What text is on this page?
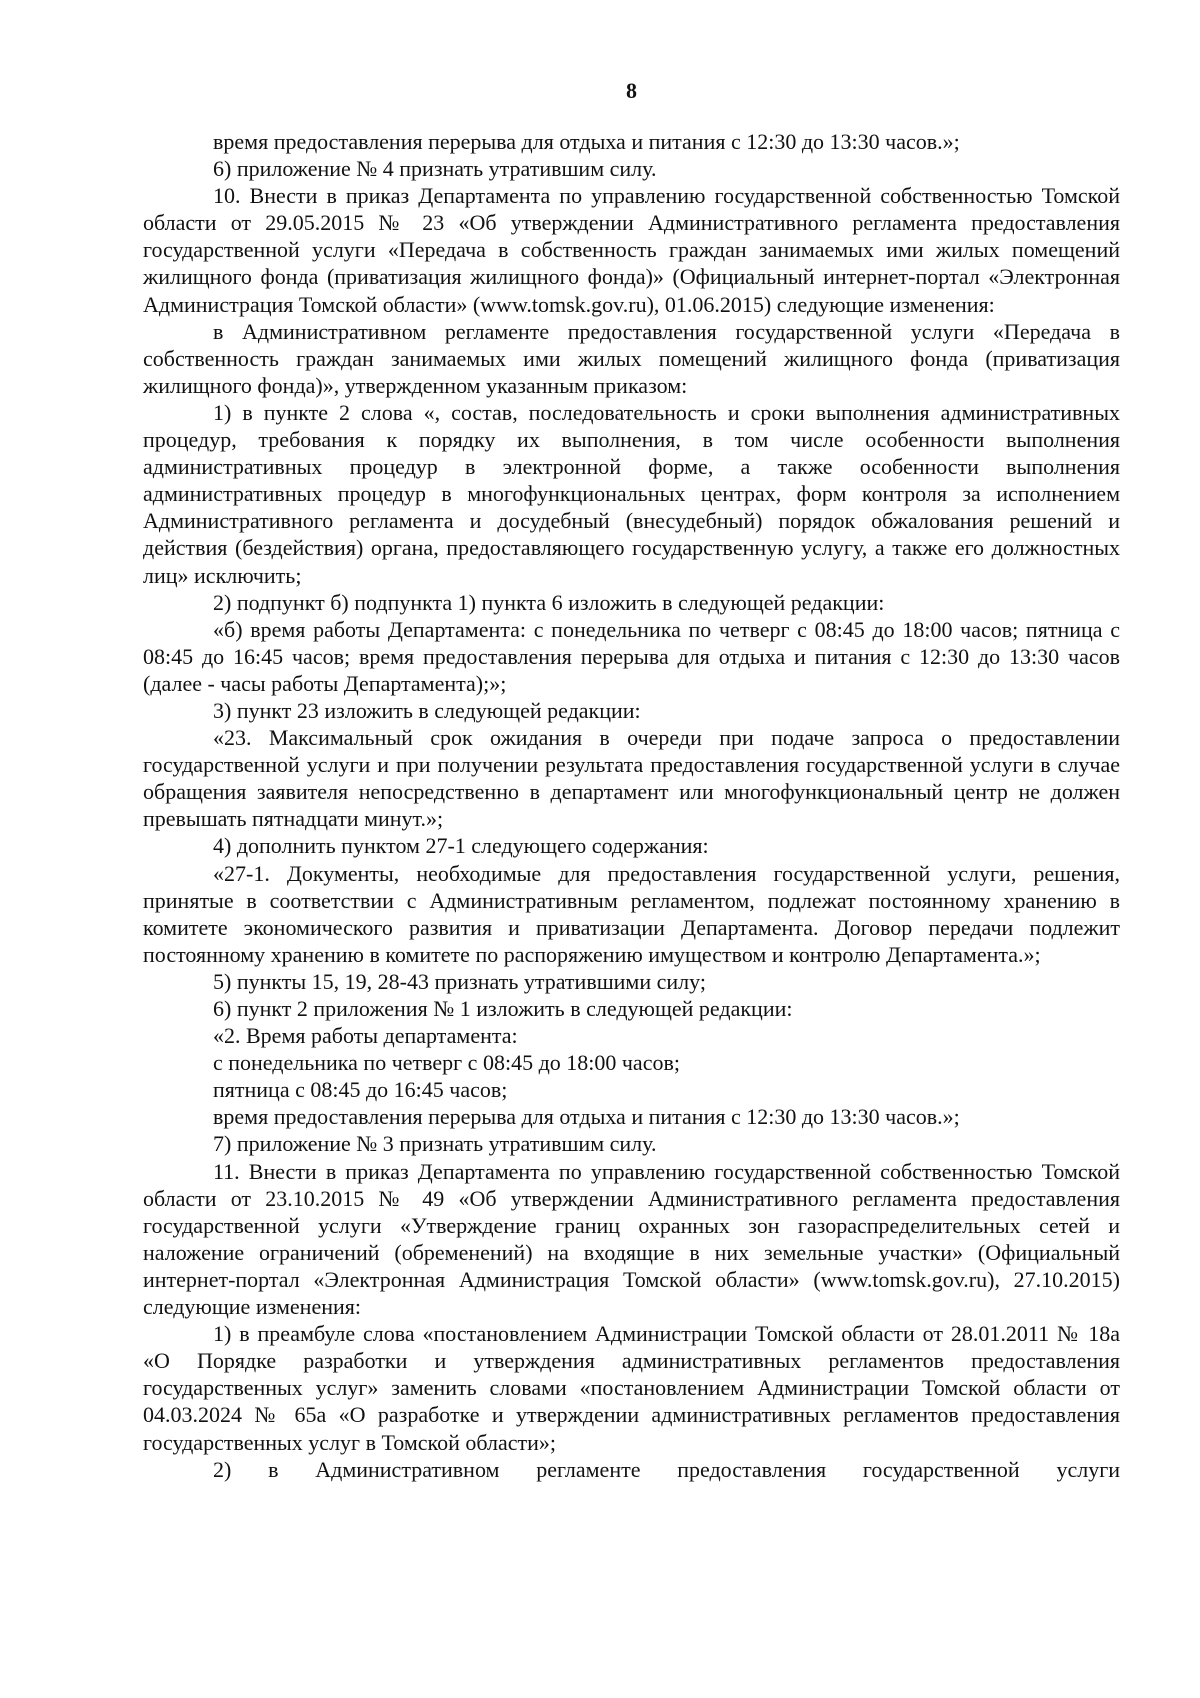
8

время предоставления перерыва для отдыха и питания с 12:30 до 13:30 часов.»;

6) приложение № 4 признать утратившим силу.

10. Внести в приказ Департамента по управлению государственной собственностью Томской области от 29.05.2015 № 23 «Об утверждении Административного регламента предоставления государственной услуги «Передача в собственность граждан занимаемых ими жилых помещений жилищного фонда (приватизация жилищного фонда)» (Официальный интернет-портал «Электронная Администрация Томской области» (www.tomsk.gov.ru), 01.06.2015) следующие изменения:

в Административном регламенте предоставления государственной услуги «Передача в собственность граждан занимаемых ими жилых помещений жилищного фонда (приватизация жилищного фонда)», утвержденном указанным приказом:

1) в пункте 2 слова «, состав, последовательность и сроки выполнения административных процедур, требования к порядку их выполнения, в том числе особенности выполнения административных процедур в электронной форме, а также особенности выполнения административных процедур в многофункциональных центрах, форм контроля за исполнением Административного регламента и досудебный (внесудебный) порядок обжалования решений и действия (бездействия) органа, предоставляющего государственную услугу, а также его должностных лиц» исключить;

2) подпункт б) подпункта 1) пункта 6 изложить в следующей редакции:

«б) время работы Департамента: с понедельника по четверг с 08:45 до 18:00 часов; пятница с 08:45 до 16:45 часов; время предоставления перерыва для отдыха и питания с 12:30 до 13:30 часов (далее - часы работы Департамента);»;

3) пункт 23 изложить в следующей редакции:

«23. Максимальный срок ожидания в очереди при подаче запроса о предоставлении государственной услуги и при получении результата предоставления государственной услуги в случае обращения заявителя непосредственно в департамент или многофункциональный центр не должен превышать пятнадцати минут.»;

4) дополнить пунктом 27-1 следующего содержания:

«27-1. Документы, необходимые для предоставления государственной услуги, решения, принятые в соответствии с Административным регламентом, подлежат постоянному хранению в комитете экономического развития и приватизации Департамента. Договор передачи подлежит постоянному хранению в комитете по распоряжению имуществом и контролю Департамента.»;

5) пункты 15, 19, 28-43 признать утратившими силу;

6) пункт 2 приложения № 1 изложить в следующей редакции:

«2. Время работы департамента:

с понедельника по четверг с 08:45 до 18:00 часов;

пятница с 08:45 до 16:45 часов;

время предоставления перерыва для отдыха и питания с 12:30 до 13:30 часов.»;

7) приложение № 3 признать утратившим силу.

11. Внести в приказ Департамента по управлению государственной собственностью Томской области от 23.10.2015 № 49 «Об утверждении Административного регламента предоставления государственной услуги «Утверждение границ охранных зон газораспределительных сетей и наложение ограничений (обременений) на входящие в них земельные участки» (Официальный интернет-портал «Электронная Администрация Томской области» (www.tomsk.gov.ru), 27.10.2015) следующие изменения:

1) в преамбуле слова «постановлением Администрации Томской области от 28.01.2011 № 18а «О Порядке разработки и утверждения административных регламентов предоставления государственных услуг» заменить словами «постановлением Администрации Томской области от 04.03.2024 № 65а «О разработке и утверждении административных регламентов предоставления государственных услуг в Томской области»;

2) в Административном регламенте предоставления государственной услуги
